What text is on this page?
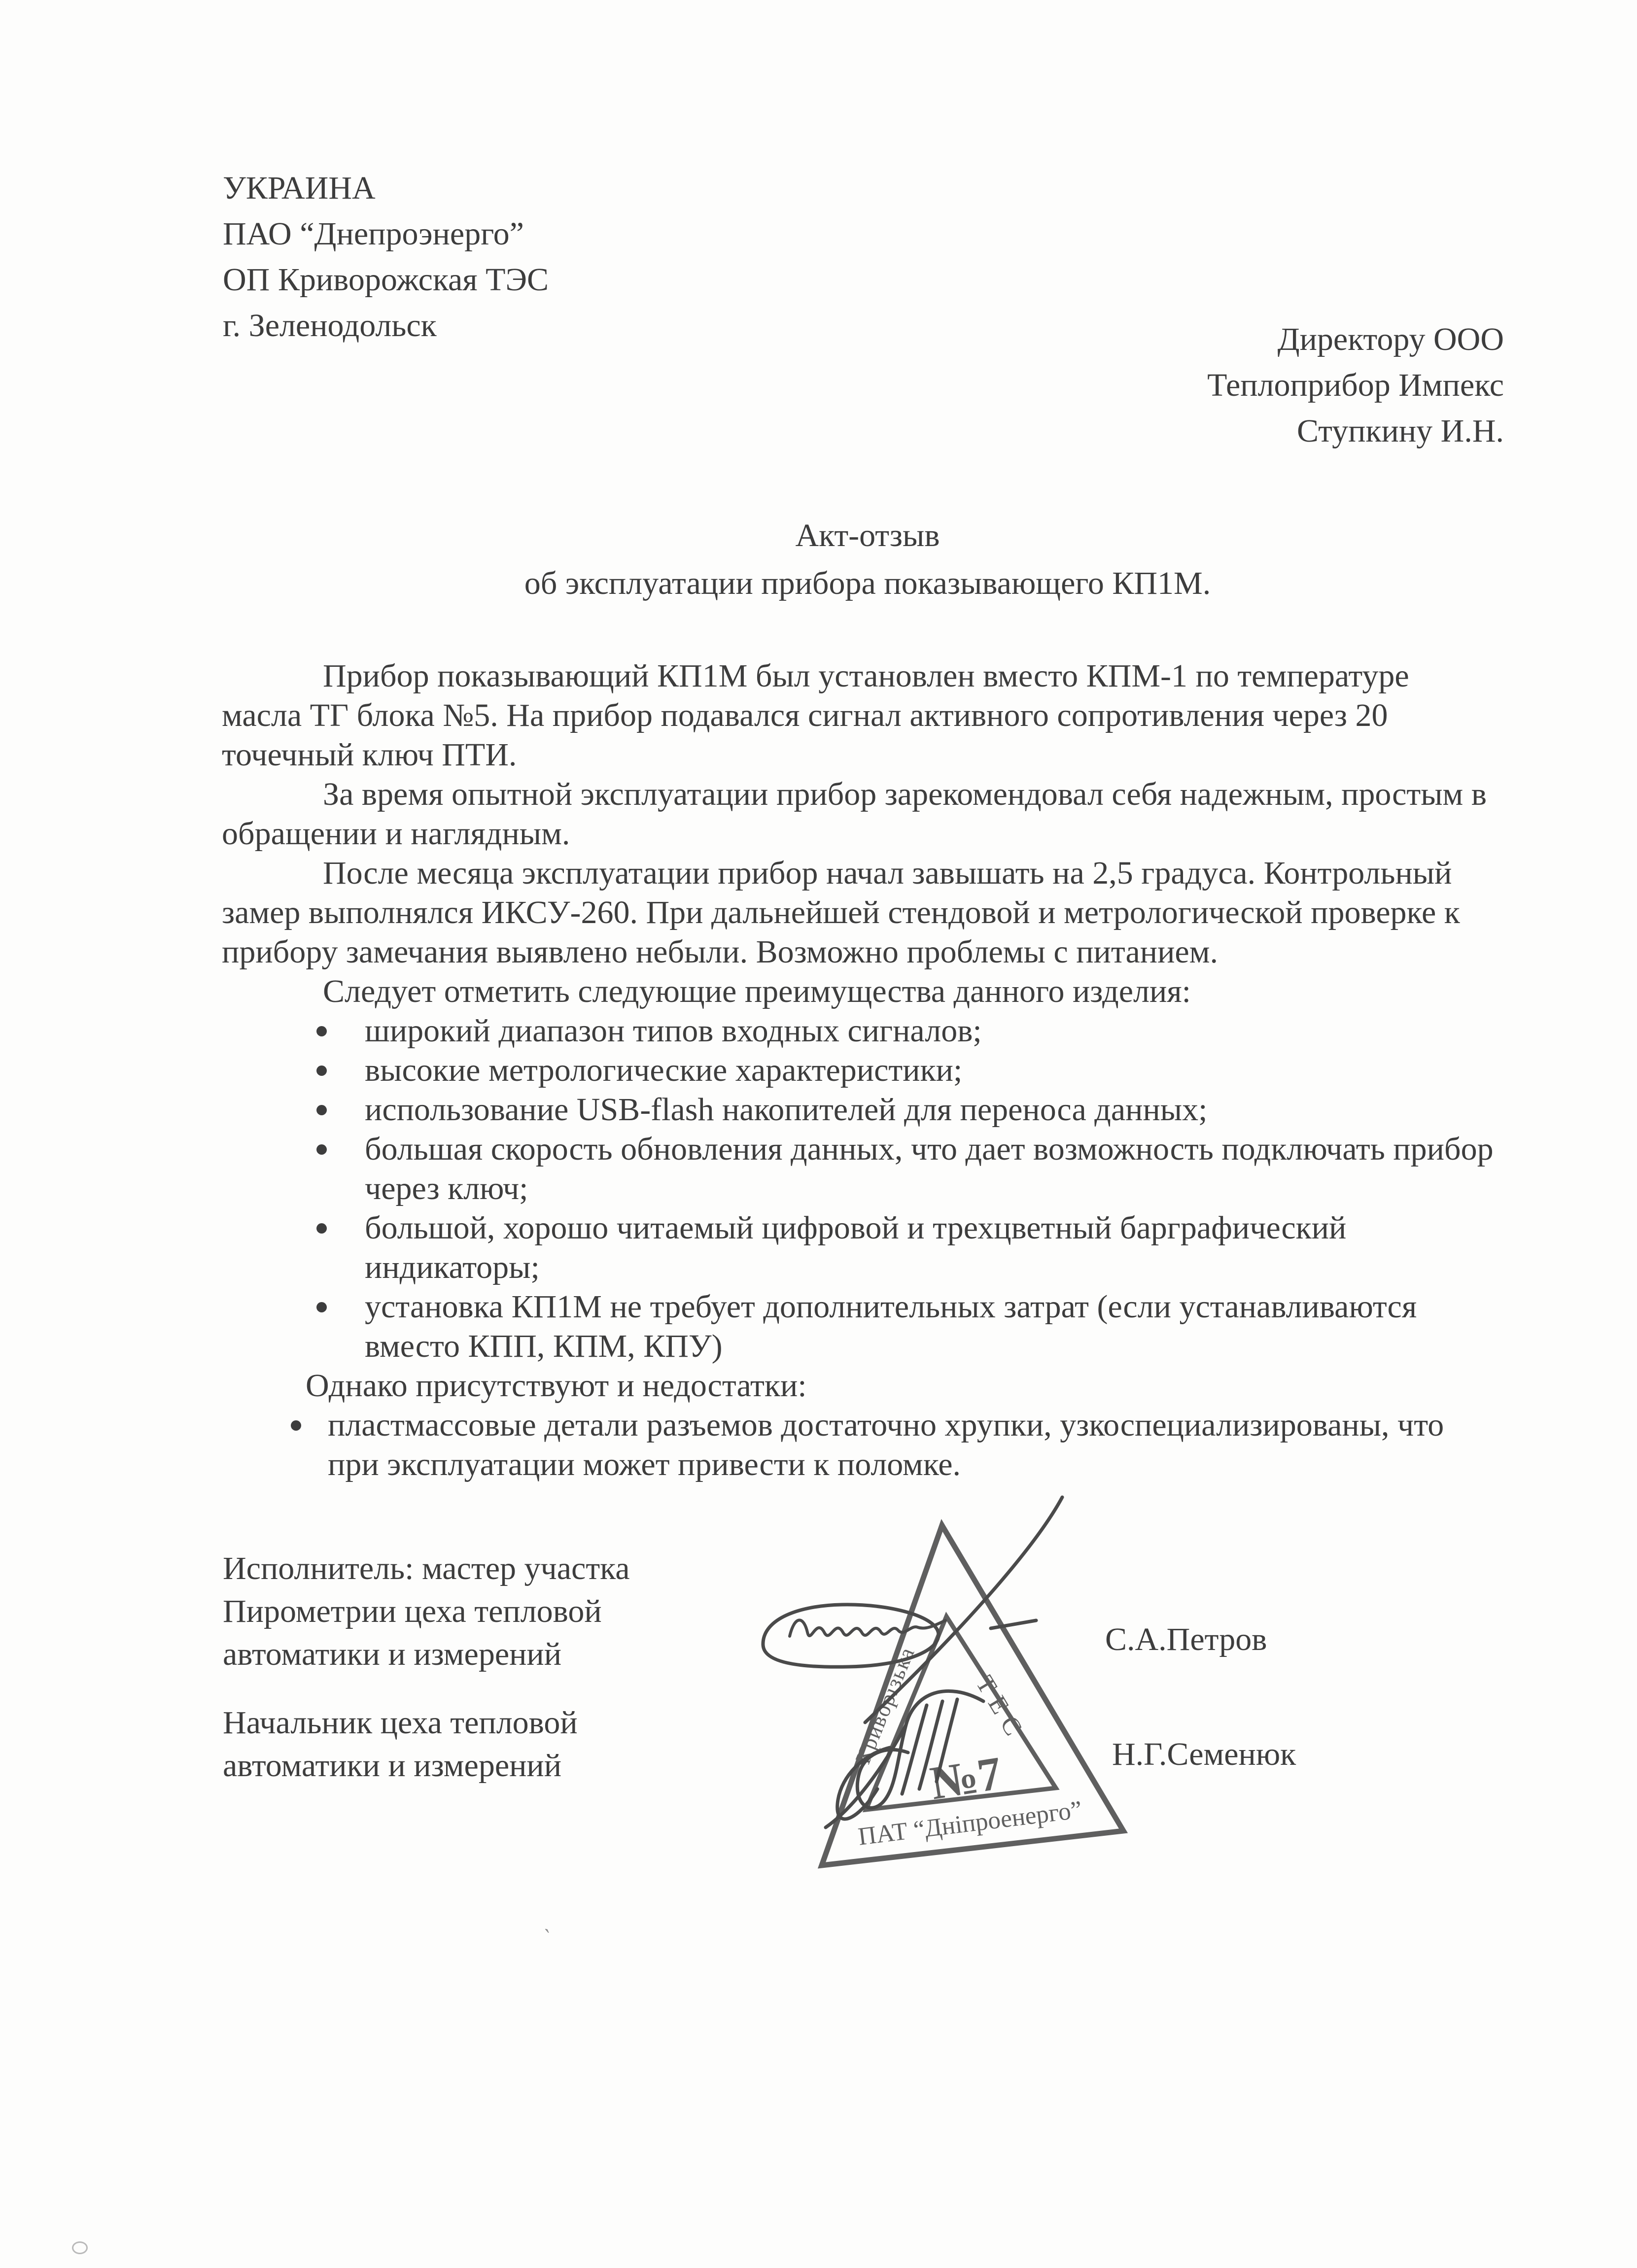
УКРАИНА
ПАО “Днепроэнерго”
ОП Криворожская ТЭС
г. Зеленодольск	Директору ООО
Теплоприбор Импекс
Ступкину И.Н.
Акт-отзыв
об эксплуатации прибора показывающего КП1М.
Прибор показывающий КП1М был установлен вместо КПМ-1 по температуре
масла ТГ блока №5. На прибор подавался сигнал активного сопротивления через 20
точечный ключ ПТИ.
За время опытной эксплуатации прибор зарекомендовал себя надежным, простым в
обращении и наглядным.
После месяца эксплуатации прибор начал завышать на 2,5 градуса. Контрольный
замер выполнялся ИКСУ-260. При дальнейшей стендовой и метрологической проверке к
прибору замечания выявлено небыли. Возможно проблемы с питанием.
Следует отметить следующие преимущества данного изделия:
широкий диапазон типов входных сигналов;
высокие метрологические характеристики;
использование USB-flash накопителей для переноса данных;
большая скорость обновления данных, что дает возможность подключать прибор
через ключ;
большой, хорошо читаемый цифровой и трехцветный барграфический
индикаторы;
установка КП1М не требует дополнительных затрат (если устанавливаются
вместо КПП, КПМ, КПУ)
Однако присутствуют и недостатки:
пластмассовые детали разъемов достаточно хрупки, узкоспециализированы, что
при эксплуатации может привести к поломке.
Исполнитель: мастер участка
Пирометрии цеха тепловой
автоматики и измерений
Начальник цеха тепловой
автоматики и измерений
С.А.Петров
Н.Г.Семенюк
№7
ПАТ “Дніпроенерго”
Криворізька ТЕС
`
